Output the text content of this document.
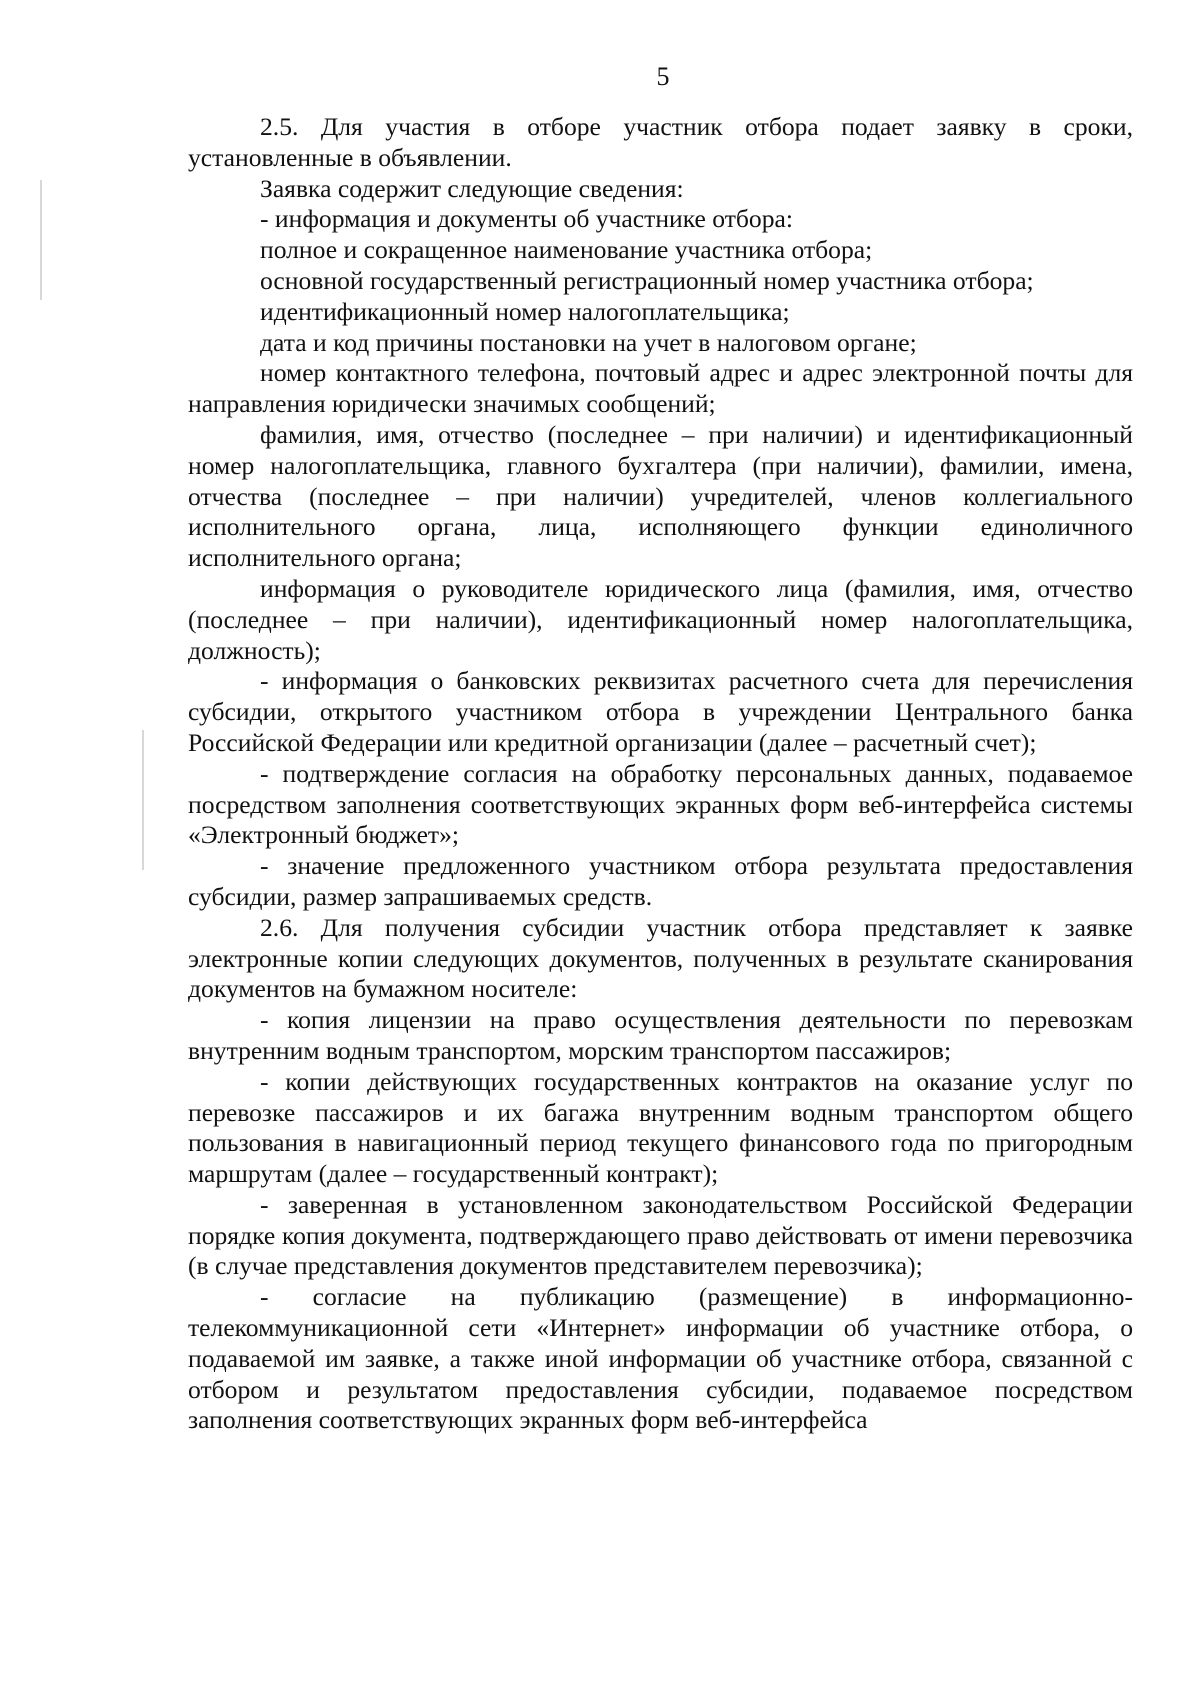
5

2.5. Для участия в отборе участник отбора подает заявку в сроки, установленные в объявлении.

Заявка содержит следующие сведения:

- информация и документы об участнике отбора:

полное и сокращенное наименование участника отбора;

основной государственный регистрационный номер участника отбора;

идентификационный номер налогоплательщика;

дата и код причины постановки на учет в налоговом органе;

номер контактного телефона, почтовый адрес и адрес электронной почты для направления юридически значимых сообщений;

фамилия, имя, отчество (последнее – при наличии) и идентификационный номер налогоплательщика, главного бухгалтера (при наличии), фамилии, имена, отчества (последнее – при наличии) учредителей, членов коллегиального исполнительного органа, лица, исполняющего функции единоличного исполнительного органа;

информация о руководителе юридического лица (фамилия, имя, отчество (последнее – при наличии), идентификационный номер налогоплательщика, должность);

- информация о банковских реквизитах расчетного счета для перечисления субсидии, открытого участником отбора в учреждении Центрального банка Российской Федерации или кредитной организации (далее – расчетный счет);

- подтверждение согласия на обработку персональных данных, подаваемое посредством заполнения соответствующих экранных форм веб-интерфейса системы «Электронный бюджет»;

- значение предложенного участником отбора результата предоставления субсидии, размер запрашиваемых средств.

2.6. Для получения субсидии участник отбора представляет к заявке электронные копии следующих документов, полученных в результате сканирования документов на бумажном носителе:

- копия лицензии на право осуществления деятельности по перевозкам внутренним водным транспортом, морским транспортом пассажиров;

- копии действующих государственных контрактов на оказание услуг по перевозке пассажиров и их багажа внутренним водным транспортом общего пользования в навигационный период текущего финансового года по пригородным маршрутам (далее – государственный контракт);

- заверенная в установленном законодательством Российской Федерации порядке копия документа, подтверждающего право действовать от имени перевозчика (в случае представления документов представителем перевозчика);

- согласие на публикацию (размещение) в информационно-телекоммуникационной сети «Интернет» информации об участнике отбора, о подаваемой им заявке, а также иной информации об участнике отбора, связанной с отбором и результатом предоставления субсидии, подаваемое посредством заполнения соответствующих экранных форм веб-интерфейса
